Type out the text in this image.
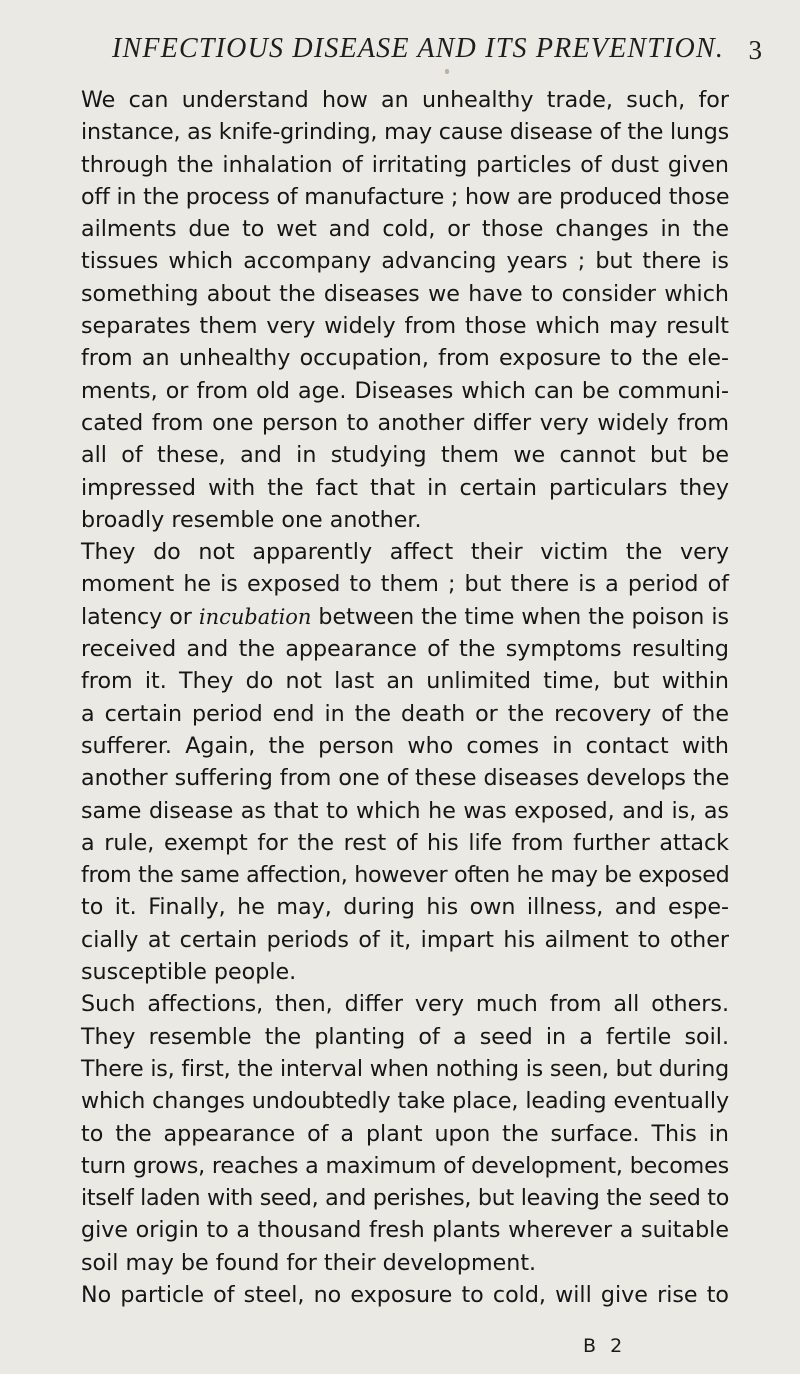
INFECTIOUS DISEASE AND ITS PREVENTION. 3
We can understand how an unhealthy trade, such, for
instance, as knife-grinding, may cause disease of the lungs
through the inhalation of irritating particles of dust given
off in the process of manufacture ; how are produced those
ailments due to wet and cold, or those changes in the
tissues which accompany advancing years ; but there is
something about the diseases we have to consider which
separates them very widely from those which may result
from an unhealthy occupation, from exposure to the ele-
ments, or from old age. Diseases which can be communi-
cated from one person to another differ very widely from
all of these, and in studying them we cannot but be
impressed with the fact that in certain particulars they
broadly resemble one another.
They do not apparently affect their victim the very
moment he is exposed to them ; but there is a period of
latency or incubation between the time when the poison is
received and the appearance of the symptoms resulting
from it. They do not last an unlimited time, but within
a certain period end in the death or the recovery of the
sufferer. Again, the person who comes in contact with
another suffering from one of these diseases develops the
same disease as that to which he was exposed, and is, as
a rule, exempt for the rest of his life from further attack
from the same affection, however often he may be exposed
to it. Finally, he may, during his own illness, and espe-
cially at certain periods of it, impart his ailment to other
susceptible people.
Such affections, then, differ very much from all others.
They resemble the planting of a seed in a fertile soil.
There is, first, the interval when nothing is seen, but during
which changes undoubtedly take place, leading eventually
to the appearance of a plant upon the surface. This in
turn grows, reaches a maximum of development, becomes
itself laden with seed, and perishes, but leaving the seed to
give origin to a thousand fresh plants wherever a suitable
soil may be found for their development.
No particle of steel, no exposure to cold, will give rise to
B 2
